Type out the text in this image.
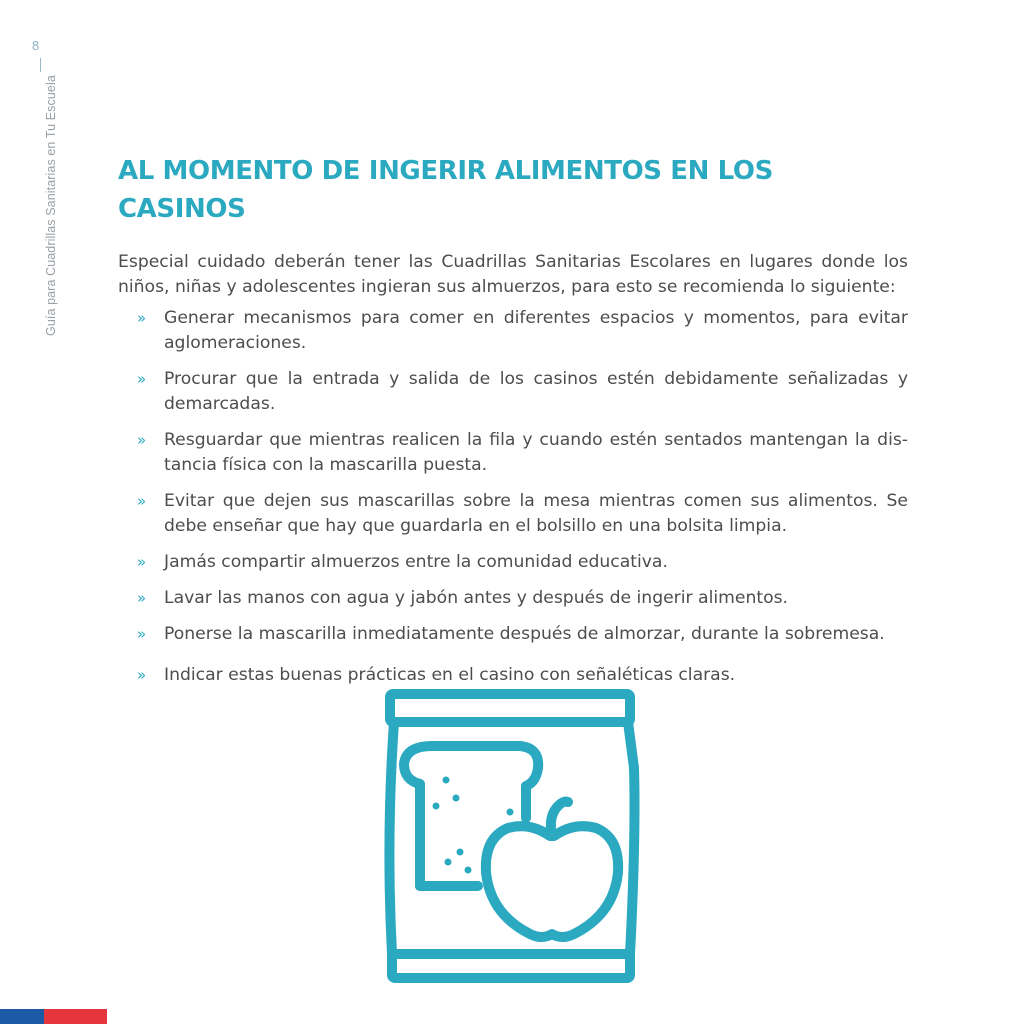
8
Guía para Cuadrillas Sanitarias en Tu Escuela AL MOMENTO DE INGERIR ALIMENTOS EN LOS CASINOS

Especial cuidado deberán tener las Cuadrillas Sanitarias Escolares en lugares donde los niños, niñas y adolescentes ingieran sus almuerzos, para esto se recomienda lo siguiente:

» Generar mecanismos para comer en diferentes espacios y momentos, para evitar aglomeraciones.
» Procurar que la entrada y salida de los casinos estén debidamente señalizadas y demarcadas.
» Resguardar que mientras realicen la fila y cuando estén sentados mantengan la dis-tancia física con la mascarilla puesta.
» Evitar que dejen sus mascarillas sobre la mesa mientras comen sus alimentos. Se debe enseñar que hay que guardarla en el bolsillo en una bolsita limpia.
» Jamás compartir almuerzos entre la comunidad educativa.
» Lavar las manos con agua y jabón antes y después de ingerir alimentos.
» Ponerse la mascarilla inmediatamente después de almorzar, durante la sobremesa.
» Indicar estas buenas prácticas en el casino con señaléticas claras.
